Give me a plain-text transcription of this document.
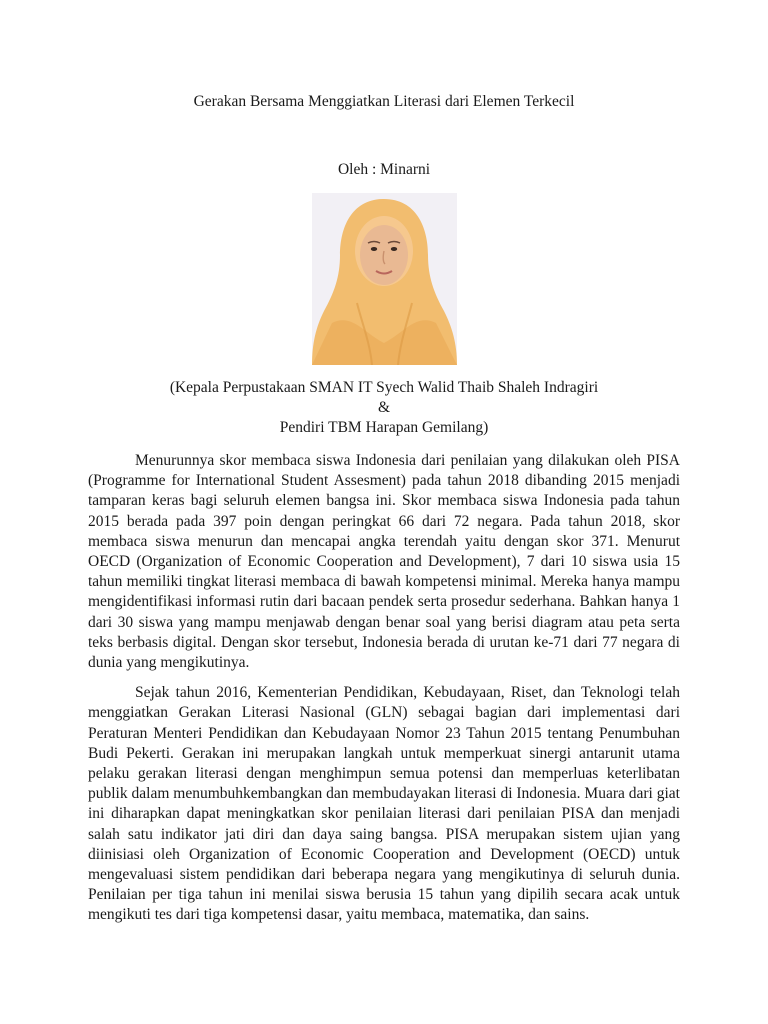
Gerakan Bersama Menggiatkan Literasi dari Elemen Terkecil
Oleh : Minarni
(Kepala Perpustakaan SMAN IT Syech Walid Thaib Shaleh Indragiri
&
Pendiri TBM Harapan Gemilang)

Menurunnya skor membaca siswa Indonesia dari penilaian yang dilakukan oleh PISA (Programme for International Student Assesment) pada tahun 2018 dibanding 2015 menjadi tamparan keras bagi seluruh elemen bangsa ini. Skor membaca siswa Indonesia pada tahun 2015 berada pada 397 poin dengan peringkat 66 dari 72 negara. Pada tahun 2018, skor membaca siswa menurun dan mencapai angka terendah yaitu dengan skor 371. Menurut OECD (Organization of Economic Cooperation and Development), 7 dari 10 siswa usia 15 tahun memiliki tingkat literasi membaca di bawah kompetensi minimal. Mereka hanya mampu mengidentifikasi informasi rutin dari bacaan pendek serta prosedur sederhana. Bahkan hanya 1 dari 30 siswa yang mampu menjawab dengan benar soal yang berisi diagram atau peta serta teks berbasis digital. Dengan skor tersebut, Indonesia berada di urutan ke-71 dari 77 negara di dunia yang mengikutinya.

Sejak tahun 2016, Kementerian Pendidikan, Kebudayaan, Riset, dan Teknologi telah menggiatkan Gerakan Literasi Nasional (GLN) sebagai bagian dari implementasi dari Peraturan Menteri Pendidikan dan Kebudayaan Nomor 23 Tahun 2015 tentang Penumbuhan Budi Pekerti. Gerakan ini merupakan langkah untuk memperkuat sinergi antarunit utama pelaku gerakan literasi dengan menghimpun semua potensi dan memperluas keterlibatan publik dalam menumbuhkembangkan dan membudayakan literasi di Indonesia. Muara dari giat ini diharapkan dapat meningkatkan skor penilaian literasi dari penilaian PISA dan menjadi salah satu indikator jati diri dan daya saing bangsa. PISA merupakan sistem ujian yang diinisiasi oleh Organization of Economic Cooperation and Development (OECD) untuk mengevaluasi sistem pendidikan dari beberapa negara yang mengikutinya di seluruh dunia. Penilaian per tiga tahun ini menilai siswa berusia 15 tahun yang dipilih secara acak untuk mengikuti tes dari tiga kompetensi dasar, yaitu membaca, matematika, dan sains.
